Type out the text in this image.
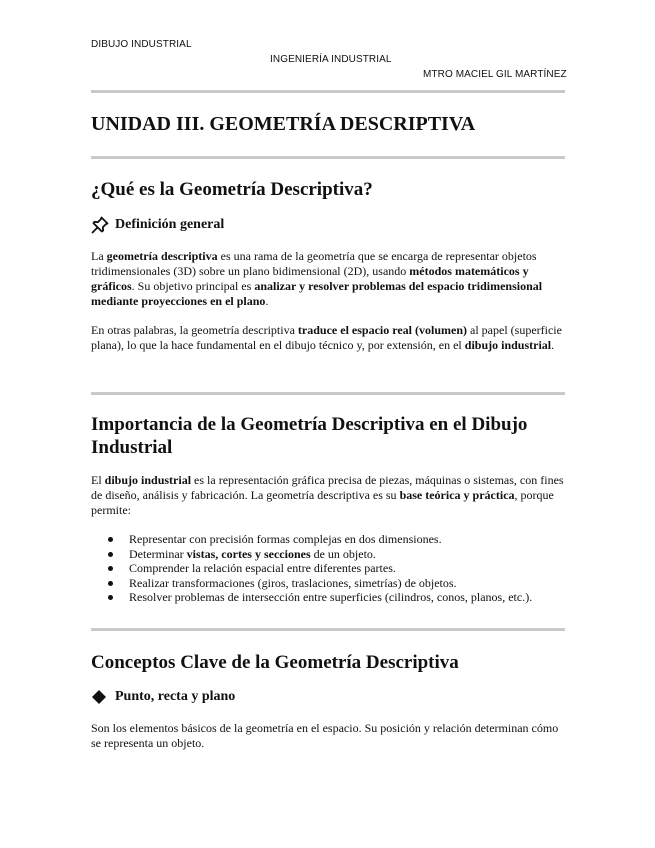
DIBUJO INDUSTRIAL
INGENIERÍA INDUSTRIAL
MTRO MACIEL GIL MARTÍNEZ
UNIDAD III. GEOMETRÍA DESCRIPTIVA
¿Qué es la Geometría Descriptiva?
Definición general

La geometría descriptiva es una rama de la geometría que se encarga de representar objetos tridimensionales (3D) sobre un plano bidimensional (2D), usando métodos matemáticos y gráficos. Su objetivo principal es analizar y resolver problemas del espacio tridimensional mediante proyecciones en el plano.

En otras palabras, la geometría descriptiva traduce el espacio real (volumen) al papel (superficie plana), lo que la hace fundamental en el dibujo técnico y, por extensión, en el dibujo industrial.

Importancia de la Geometría Descriptiva en el Dibujo Industrial

El dibujo industrial es la representación gráfica precisa de piezas, máquinas o sistemas, con fines de diseño, análisis y fabricación. La geometría descriptiva es su base teórica y práctica, porque permite:

Representar con precisión formas complejas en dos dimensiones.
Determinar vistas, cortes y secciones de un objeto.
Comprender la relación espacial entre diferentes partes.
Realizar transformaciones (giros, traslaciones, simetrías) de objetos.
Resolver problemas de intersección entre superficies (cilindros, conos, planos, etc.).
Conceptos Clave de la Geometría Descriptiva
Punto, recta y plano

Son los elementos básicos de la geometría en el espacio. Su posición y relación determinan cómo se representa un objeto.
